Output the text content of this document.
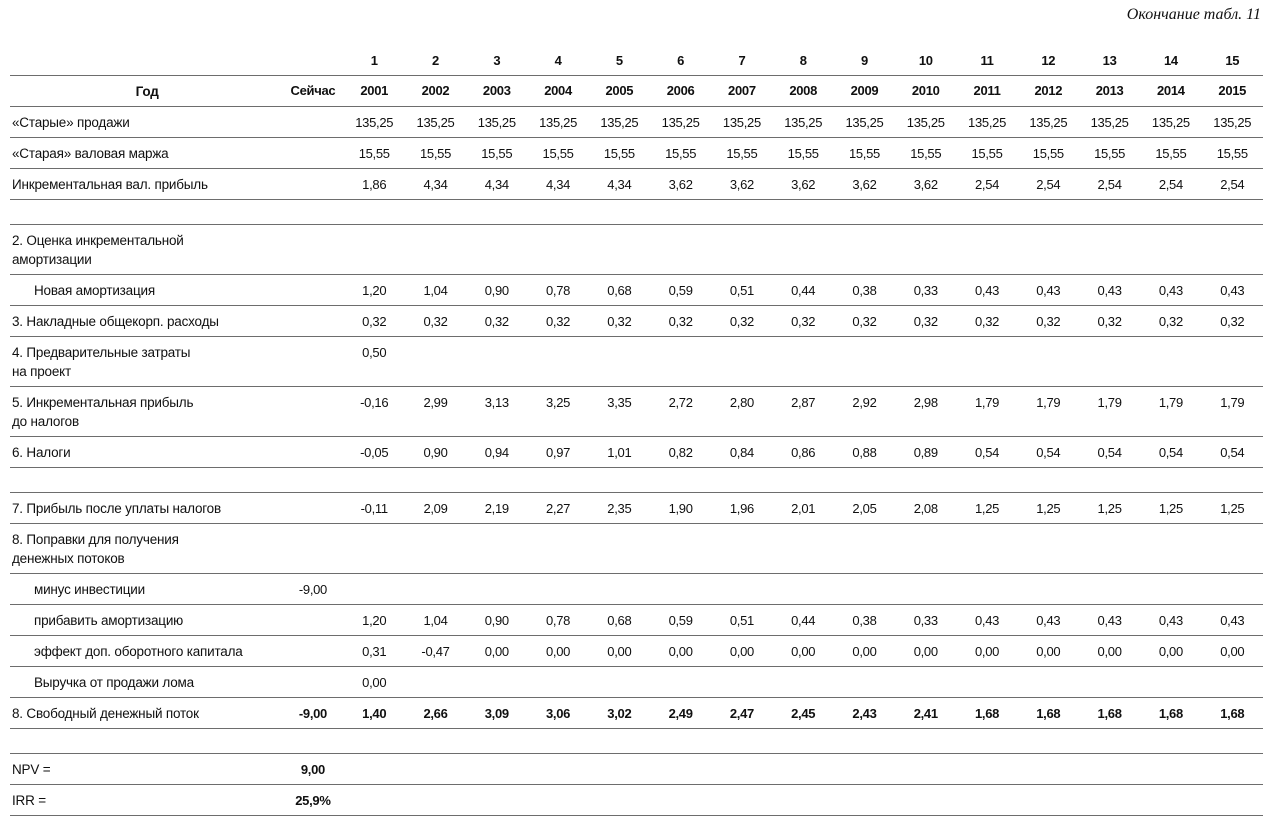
Окончание табл. 11
		1	2	3	4	5	6	7	8	9	10	11	12	13	14	15

Год	Сейчас	2001	2002	2003	2004	2005	2006	2007	2008	2009	2010	2011	2012	2013	2014	2015

«Старые» продажи		135,25	135,25	135,25	135,25	135,25	135,25	135,25	135,25	135,25	135,25	135,25	135,25	135,25	135,25	135,25

«Старая» валовая маржа		15,55	15,55	15,55	15,55	15,55	15,55	15,55	15,55	15,55	15,55	15,55	15,55	15,55	15,55	15,55

Инкрементальная вал. прибыль		1,86	4,34	4,34	4,34	4,34	3,62	3,62	3,62	3,62	3,62	2,54	2,54	2,54	2,54	2,54

2. Оценка инкрементальной
амортизации																

Новая амортизация		1,20	1,04	0,90	0,78	0,68	0,59	0,51	0,44	0,38	0,33	0,43	0,43	0,43	0,43	0,43

3. Накладные общекорп. расходы		0,32	0,32	0,32	0,32	0,32	0,32	0,32	0,32	0,32	0,32	0,32	0,32	0,32	0,32	0,32

4. Предварительные затраты
на проект		0,50														

5. Инкрементальная прибыль
до налогов		-0,16	2,99	3,13	3,25	3,35	2,72	2,80	2,87	2,92	2,98	1,79	1,79	1,79	1,79	1,79

6. Налоги		-0,05	0,90	0,94	0,97	1,01	0,82	0,84	0,86	0,88	0,89	0,54	0,54	0,54	0,54	0,54

7. Прибыль после уплаты налогов		-0,11	2,09	2,19	2,27	2,35	1,90	1,96	2,01	2,05	2,08	1,25	1,25	1,25	1,25	1,25

8. Поправки для получения
денежных потоков																

минус инвестиции	-9,00															

прибавить амортизацию		1,20	1,04	0,90	0,78	0,68	0,59	0,51	0,44	0,38	0,33	0,43	0,43	0,43	0,43	0,43

эффект доп. оборотного капитала		0,31	-0,47	0,00	0,00	0,00	0,00	0,00	0,00	0,00	0,00	0,00	0,00	0,00	0,00	0,00

Выручка от продажи лома		0,00														

8. Свободный денежный поток	-9,00	1,40	2,66	3,09	3,06	3,02	2,49	2,47	2,45	2,43	2,41	1,68	1,68	1,68	1,68	1,68

NPV =	9,00															

IRR =	25,9%															
